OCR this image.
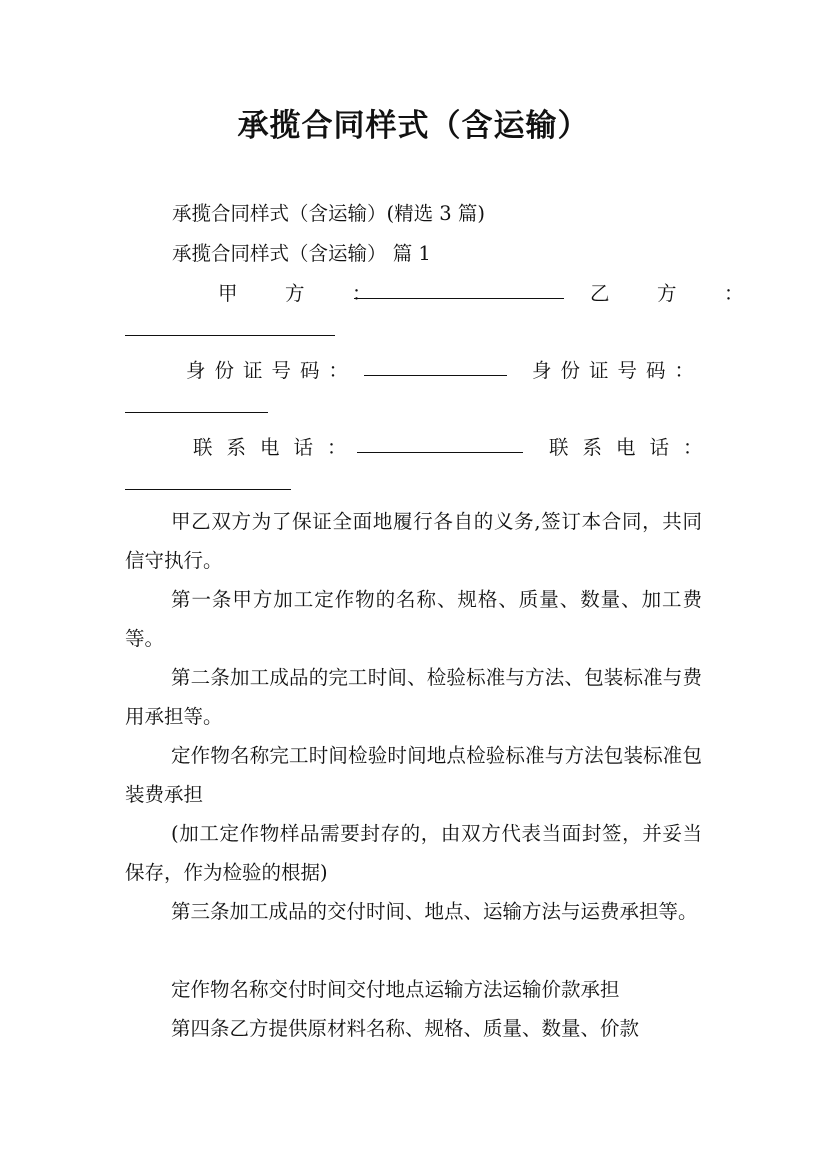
承揽合同样式（含运输）
承揽合同样式（含运输）(精选 3 篇)
承揽合同样式（含运输） 篇 1
甲　方　：	乙　方　：
身份证号码：	身份证号码：
联系电话：	联系电话：
甲乙双方为了保证全面地履行各自的义务,签订本合同，共同信守执行。
第一条甲方加工定作物的名称、规格、质量、数量、加工费等。
第二条加工成品的完工时间、检验标准与方法、包装标准与费用承担等。
定作物名称完工时间检验时间地点检验标准与方法包装标准包装费承担
(加工定作物样品需要封存的，由双方代表当面封签，并妥当保存，作为检验的根据)
第三条加工成品的交付时间、地点、运输方法与运费承担等。
定作物名称交付时间交付地点运输方法运输价款承担
第四条乙方提供原材料名称、规格、质量、数量、价款
